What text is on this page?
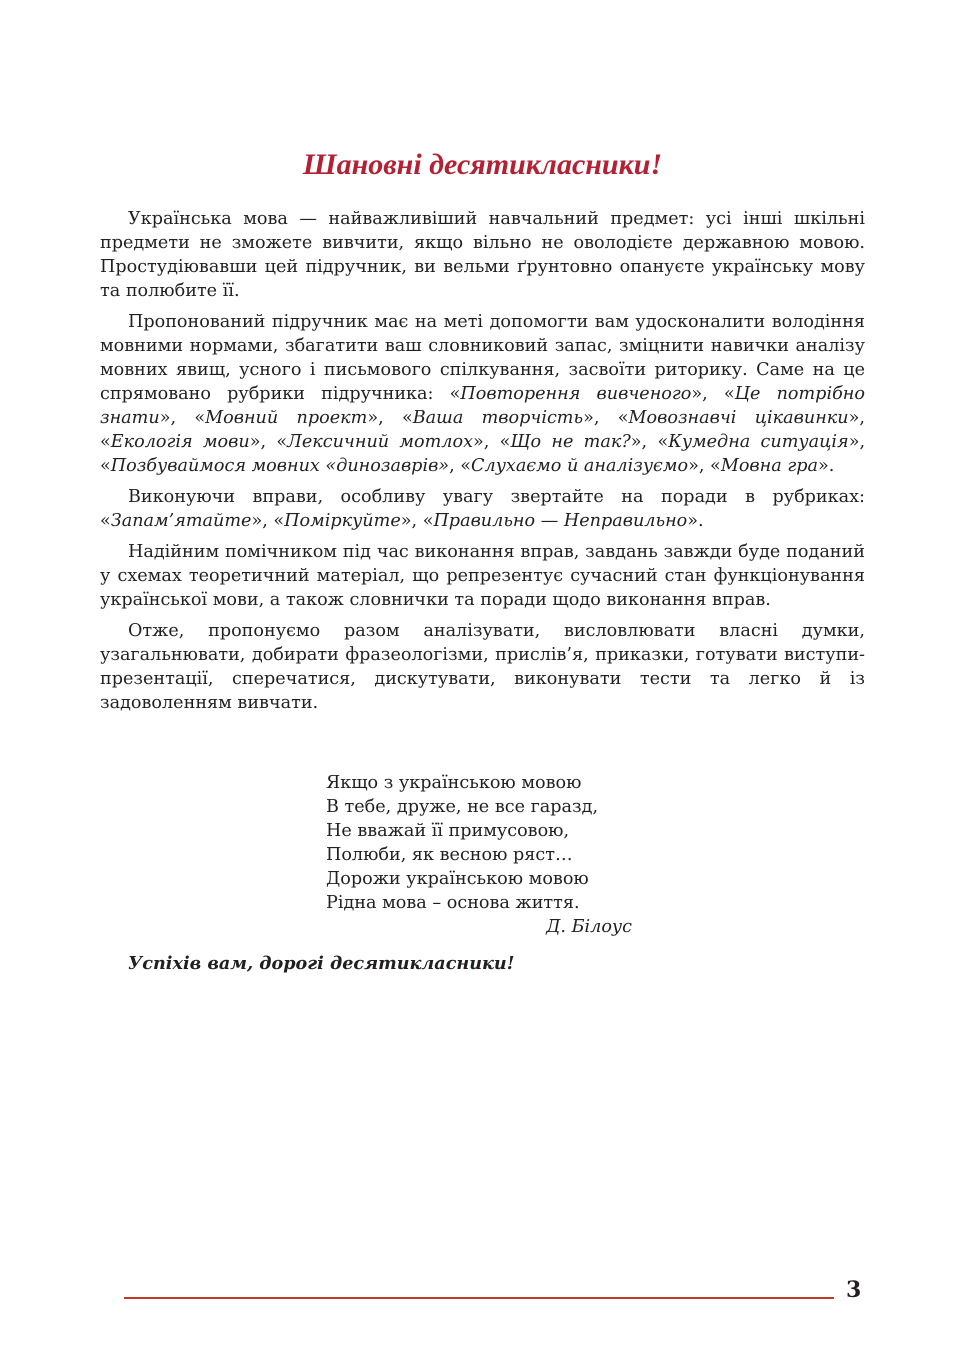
Шановні десятикласники!

Українська мова — найважливіший навчальний предмет: усі інші шкільні предмети не зможете вивчити, якщо вільно не оволодієте державною мовою. Простудіювавши цей підручник, ви вельми ґрунтовно опануєте українську мову та полюбите її.

Пропонований підручник має на меті допомогти вам удосконалити володіння мовними нормами, збагатити ваш словниковий запас, зміцнити навички аналізу мовних явищ, усного і письмового спілкування, засвоїти риторику. Саме на це спрямовано рубрики підручника: «Повторення вивченого», «Це потрібно знати», «Мовний проект», «Ваша творчість», «Мовознавчі цікавинки», «Екологія мови», «Лексичний мотлох», «Що не так?», «Кумедна ситуація», «Позбуваймося мовних «динозаврів», «Слухаємо й аналізуємо», «Мовна гра».

Виконуючи вправи, особливу увагу звертайте на поради в рубриках: «Запам’ятайте», «Поміркуйте», «Правильно — Неправильно».

Надійним помічником під час виконання вправ, завдань завжди буде поданий у схемах теоретичний матеріал, що репрезентує сучасний стан функціонування української мови, а також словнички та поради щодо виконання вправ.

Отже, пропонуємо разом аналізувати, висловлювати власні думки, узагальнювати, добирати фразеологізми, прислів’я, приказки, готувати виступи-презентації, сперечатися, дискутувати, виконувати тести та легко й із задоволенням вивчати.

Якщо з українською мовою
В тебе, друже, не все гаразд,
Не вважай її примусовою,
Полюби, як весною ряст…
Дорожи українською мовою
Рідна мова – основа життя.
Д. Білоус
Успіхів вам, дорогі десятикласники!
3
